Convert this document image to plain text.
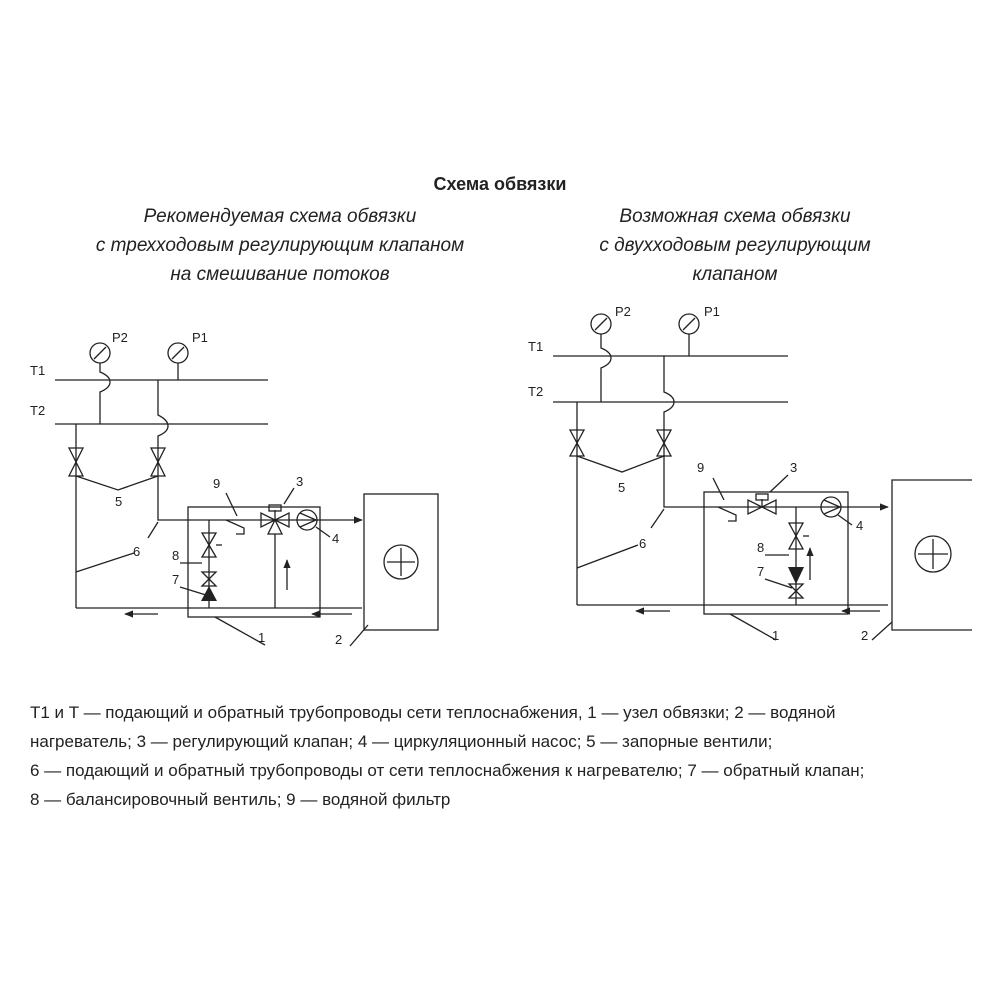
Схема обвязки
Рекомендуемая схема обвязки
с трехходовым регулирующим клапаном
на смешивание потоков
Возможная схема обвязки
с двухходовым регулирующим
клапаном
T1
T2
P2	P1
5
8
7
9	3
4
2
1
6
T1
T2
P2	P1
5
8
7
9	3
4
2
1
6
T1 и T — подающий и обратный трубопроводы сети теплоснабжения, 1 — узел обвязки; 2 — водяной
нагреватель; 3 — регулирующий клапан; 4 — циркуляционный насос; 5 — запорные вентили;
6 — подающий и обратный трубопроводы от сети теплоснабжения к нагревателю; 7 — обратный клапан;
8 — балансировочный вентиль; 9 — водяной фильтр
